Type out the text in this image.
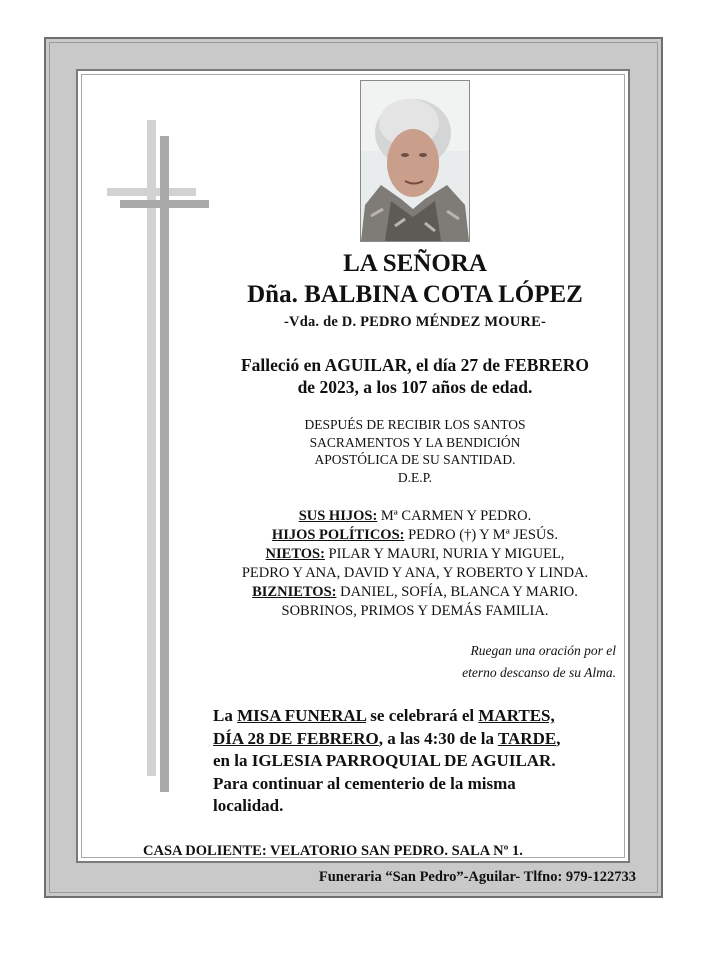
LA SEÑORA
Dña. BALBINA COTA LÓPEZ
-Vda. de D. PEDRO MÉNDEZ MOURE-
Falleció en AGUILAR, el día 27 de FEBRERO
de 2023, a los 107 años de edad.
DESPUÉS DE RECIBIR LOS SANTOS
SACRAMENTOS Y LA BENDICIÓN
APOSTÓLICA DE SU SANTIDAD.
D.E.P.
SUS HIJOS: Mª CARMEN Y PEDRO.
HIJOS POLÍTICOS: PEDRO (†) Y Mª JESÚS.
NIETOS: PILAR Y MAURI, NURIA Y MIGUEL,
PEDRO Y ANA, DAVID Y ANA, Y ROBERTO Y LINDA.
BIZNIETOS: DANIEL, SOFÍA, BLANCA Y MARIO.
SOBRINOS, PRIMOS Y DEMÁS FAMILIA.
Ruegan una oración por el
eterno descanso de su Alma.
La MISA FUNERAL se celebrará el MARTES,
DÍA 28 DE FEBRERO, a las 4:30 de la TARDE,
en la IGLESIA PARROQUIAL DE AGUILAR.
Para continuar al cementerio de la misma
localidad.
CASA DOLIENTE: VELATORIO SAN PEDRO. SALA Nº 1.
Funeraria “San Pedro”-Aguilar- Tlfno: 979-122733
